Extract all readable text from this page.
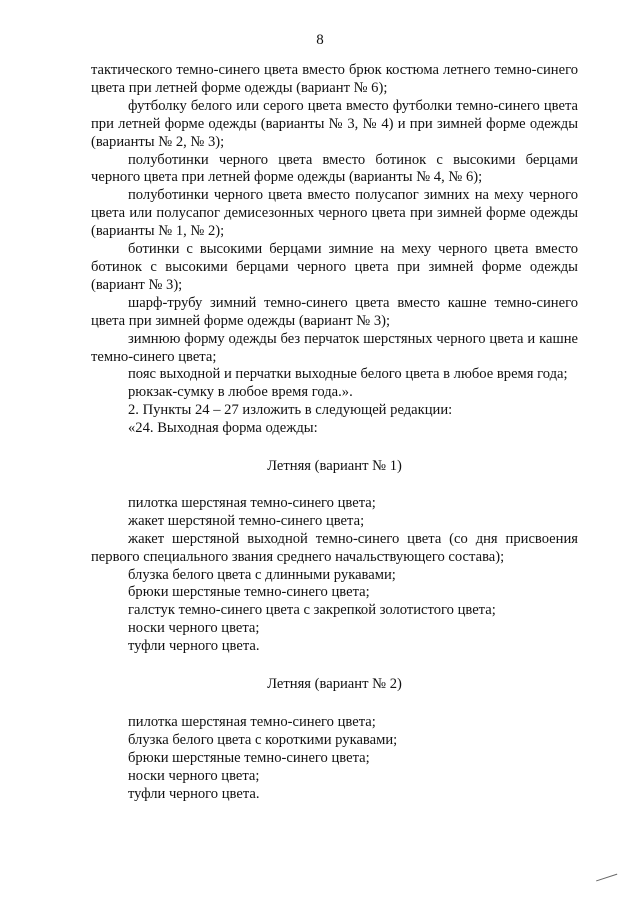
8

тактического темно-синего цвета вместо брюк костюма летнего темно-синего цвета при летней форме одежды (вариант № 6);

футболку белого или серого цвета вместо футболки темно-синего цвета при летней форме одежды (варианты № 3, № 4) и при зимней форме одежды (варианты № 2, № 3);

полуботинки черного цвета вместо ботинок с высокими берцами черного цвета при летней форме одежды (варианты № 4, № 6);

полуботинки черного цвета вместо полусапог зимних на меху черного цвета или полусапог демисезонных черного цвета при зимней форме одежды (варианты № 1, № 2);

ботинки с высокими берцами зимние на меху черного цвета вместо ботинок с высокими берцами черного цвета при зимней форме одежды (вариант № 3);

шарф-трубу зимний темно-синего цвета вместо кашне темно-синего цвета при зимней форме одежды (вариант № 3);

зимнюю форму одежды без перчаток шерстяных черного цвета и кашне темно-синего цвета;

пояс выходной и перчатки выходные белого цвета в любое время года;

рюкзак-сумку в любое время года.».

2. Пункты 24 – 27 изложить в следующей редакции:

«24. Выходная форма одежды:

Летняя (вариант № 1)

пилотка шерстяная темно-синего цвета;

жакет шерстяной темно-синего цвета;

жакет шерстяной выходной темно-синего цвета (со дня присвоения первого специального звания среднего начальствующего состава);

блузка белого цвета с длинными рукавами;

брюки шерстяные темно-синего цвета;

галстук темно-синего цвета с закрепкой золотистого цвета;

носки черного цвета;

туфли черного цвета.

Летняя (вариант № 2)

пилотка шерстяная темно-синего цвета;

блузка белого цвета с короткими рукавами;

брюки шерстяные темно-синего цвета;

носки черного цвета;

туфли черного цвета.
